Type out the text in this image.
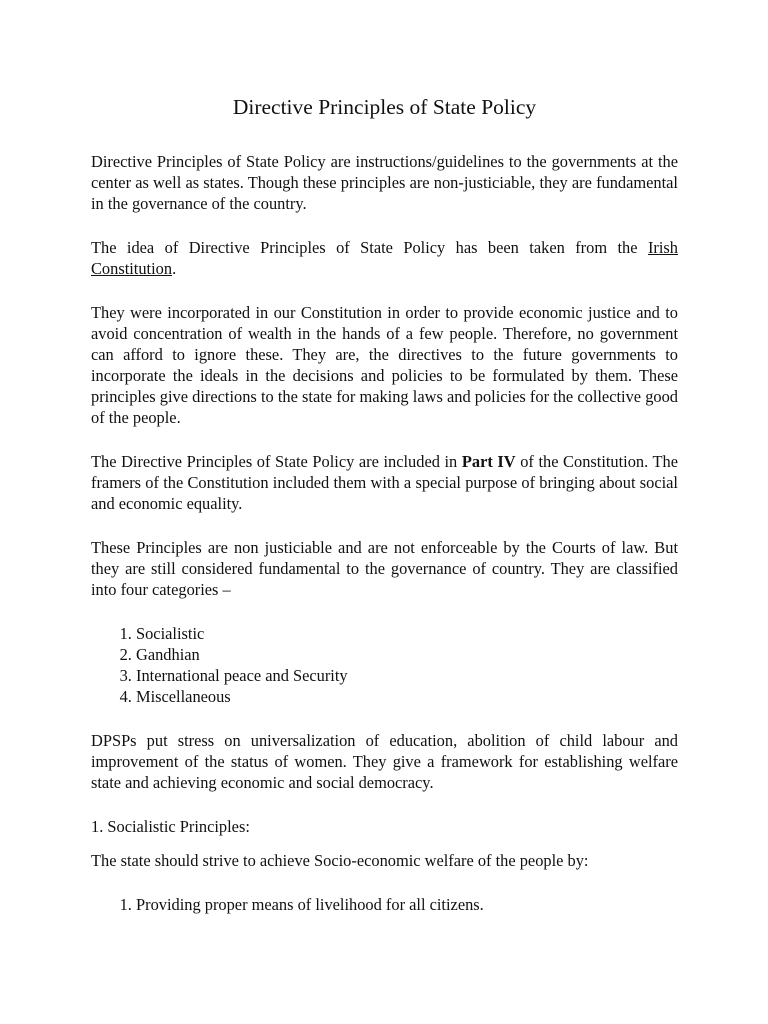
Directive Principles of State Policy

Directive Principles of State Policy are instructions/guidelines to the governments at the center as well as states. Though these principles are non-justiciable, they are fundamental in the governance of the country.

The idea of Directive Principles of State Policy has been taken from the Irish Constitution.

They were incorporated in our Constitution in order to provide economic justice and to avoid concentration of wealth in the hands of a few people. Therefore, no government can afford to ignore these. They are, the directives to the future governments to incorporate the ideals in the decisions and policies to be formulated by them. These principles give directions to the state for making laws and policies for the collective good of the people.

The Directive Principles of State Policy are included in Part IV of the Constitution. The framers of the Constitution included them with a special purpose of bringing about social and economic equality.

These Principles are non justiciable and are not enforceable by the Courts of law. But they are still considered fundamental to the governance of country. They are classified into four categories –

1. Socialistic
2. Gandhian
3. International peace and Security
4. Miscellaneous

DPSPs put stress on universalization of education, abolition of child labour and improvement of the status of women. They give a framework for establishing welfare state and achieving economic and social democracy.

1. Socialistic Principles:

The state should strive to achieve Socio-economic welfare of the people by:

1. Providing proper means of livelihood for all citizens.
